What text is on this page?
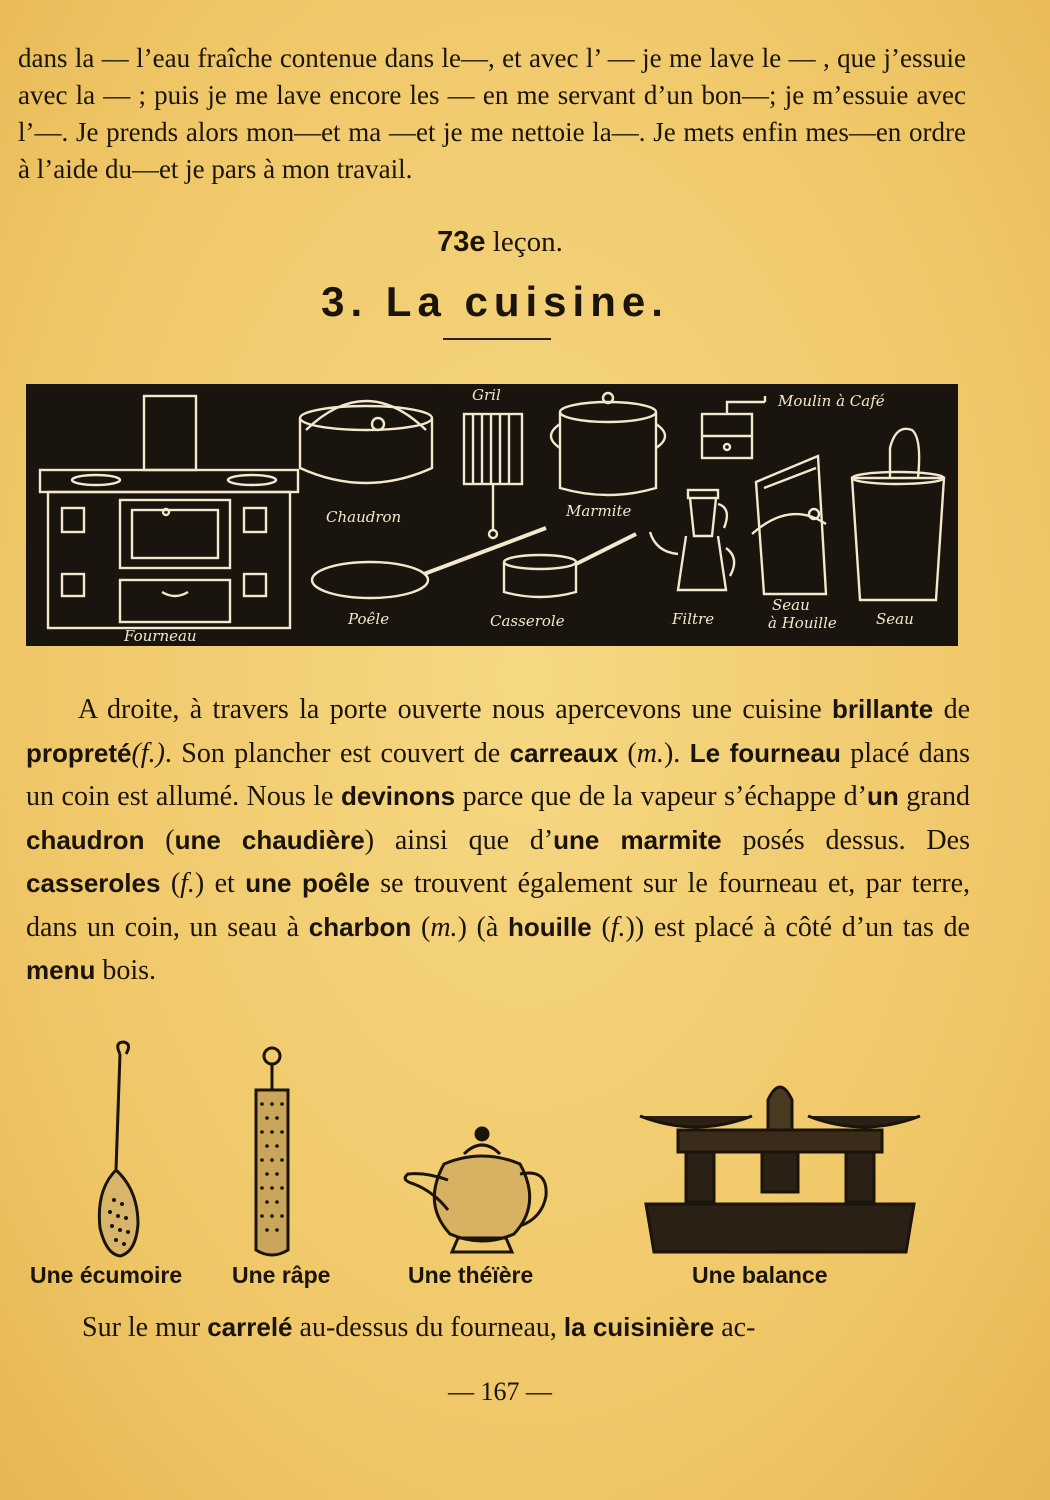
dans la — l’eau fraîche contenue dans le—, et avec l’ — je me lave le — , que j’essuie avec la — ; puis je me lave encore les — en me servant d’un bon—; je m’essuie avec l’—. Je prends alors mon—et ma —et je me nettoie la—. Je mets enfin mes—en ordre à l’aide du—et je pars à mon travail.

73e leçon.
3. La cuisine.
Fourneau
Chaudron
Gril
Marmite
Moulin à Café
Poêle	Casserole	Filtre
Seau
à Houille	Seau

A droite, à travers la porte ouverte nous apercevons une cuisine brillante de propreté(f.). Son plancher est couvert de carreaux (m.). Le fourneau placé dans un coin est allumé. Nous le devinons parce que de la vapeur s’échappe d’un grand chaudron (une chaudière) ainsi que d’une marmite posés dessus. Des casseroles (f.) et une poêle se trouvent également sur le fourneau et, par terre, dans un coin, un seau à charbon (m.) (à houille (f.)) est placé à côté d’un tas de menu bois.

Une écumoire Une râpe	Une théïère	Une balance

Sur le mur carrelé au-dessus du fourneau, la cuisinière ac-

— 167 —
